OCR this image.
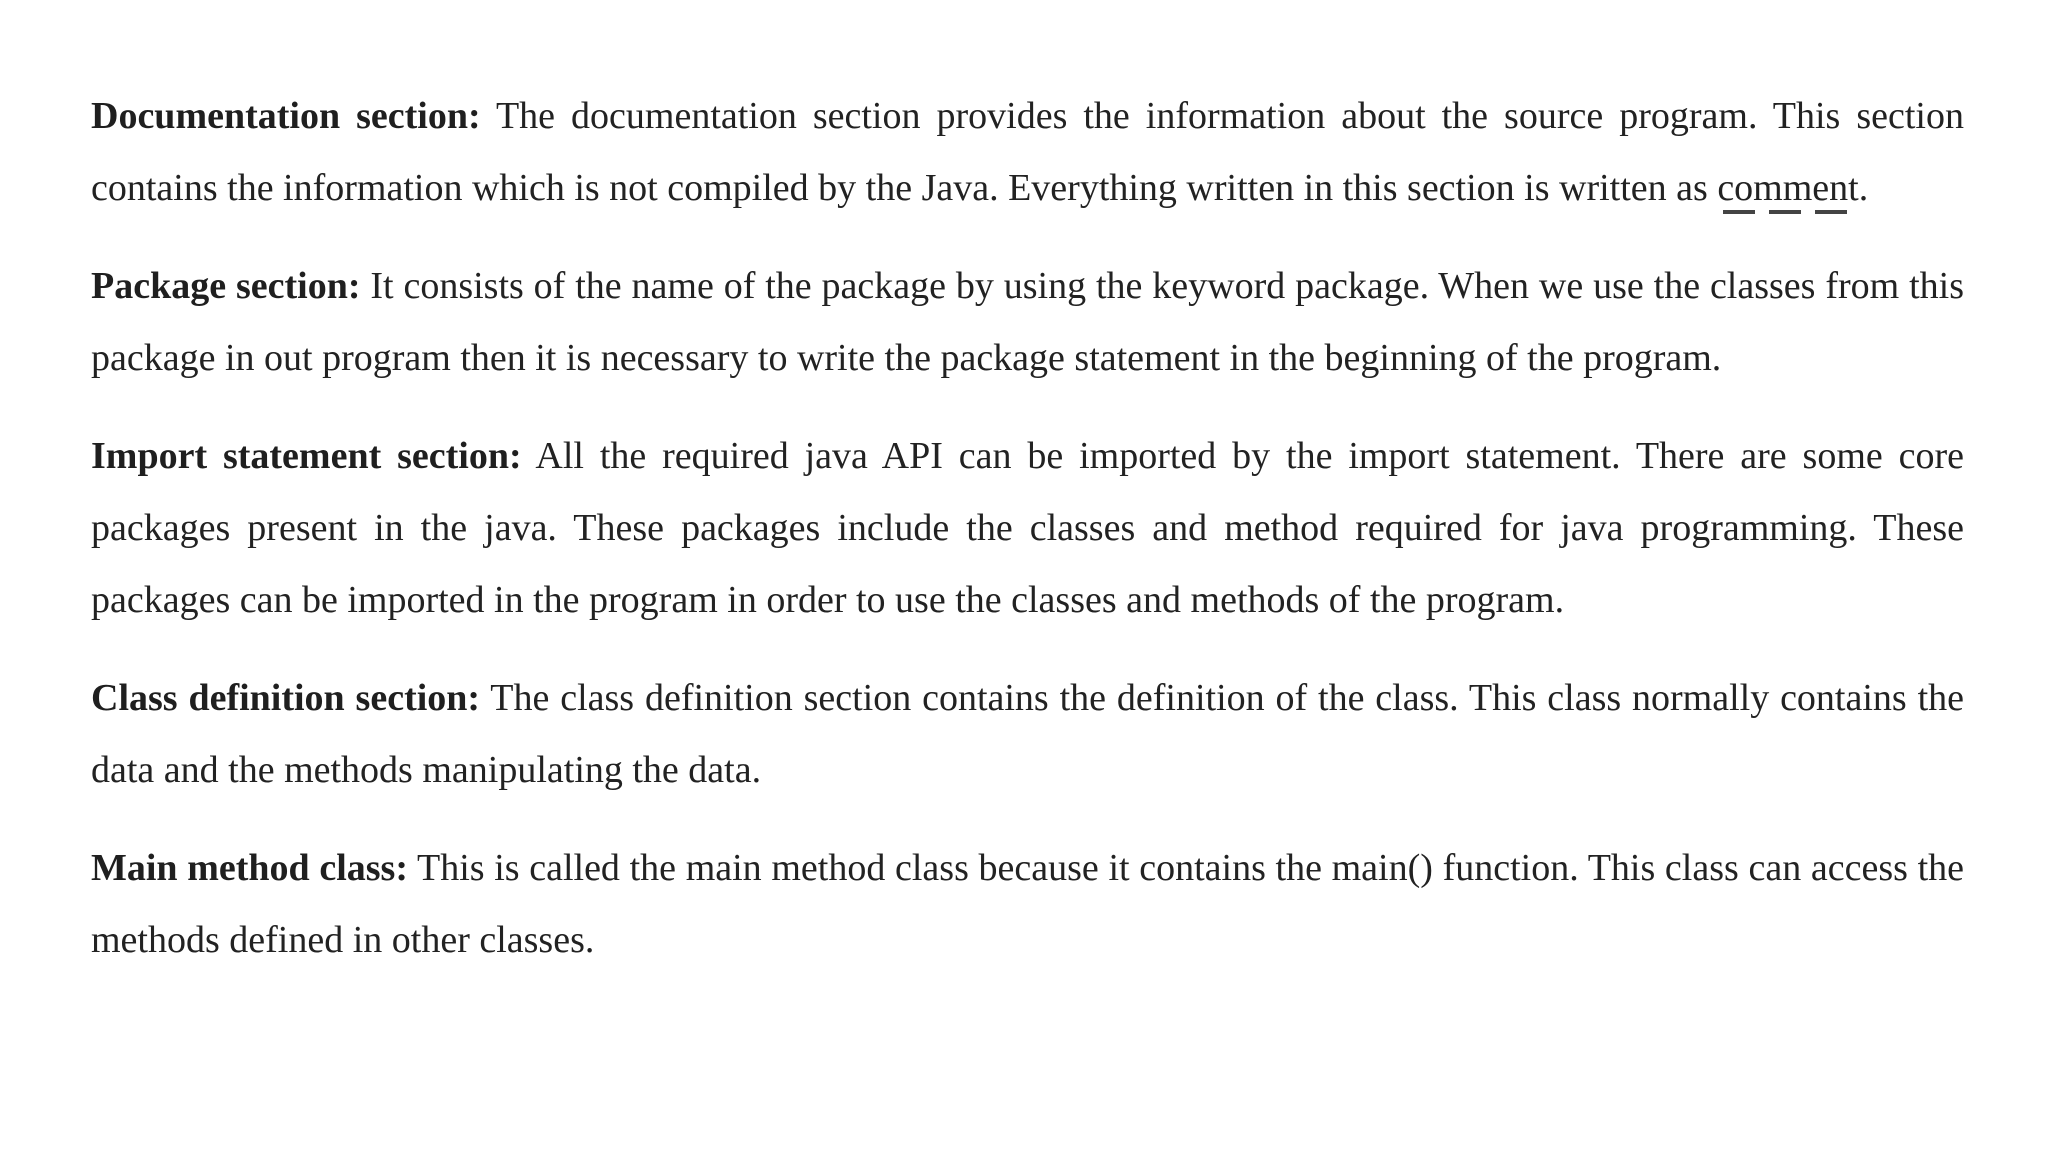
Documentation section: The documentation section provides the information about the source program. This section contains the information which is not compiled by the Java. Everything written in this section is written as comment.

Package section: It consists of the name of the package by using the keyword package. When we use the classes from this package in out program then it is necessary to write the package statement in the beginning of the program.

Import statement section: All the required java API can be imported by the import statement. There are some core packages present in the java. These packages include the classes and method required for java programming. These packages can be imported in the program in order to use the classes and methods of the program.

Class definition section: The class definition section contains the definition of the class. This class normally contains the data and the methods manipulating the data.

Main method class: This is called the main method class because it contains the main() function. This class can access the methods defined in other classes.
